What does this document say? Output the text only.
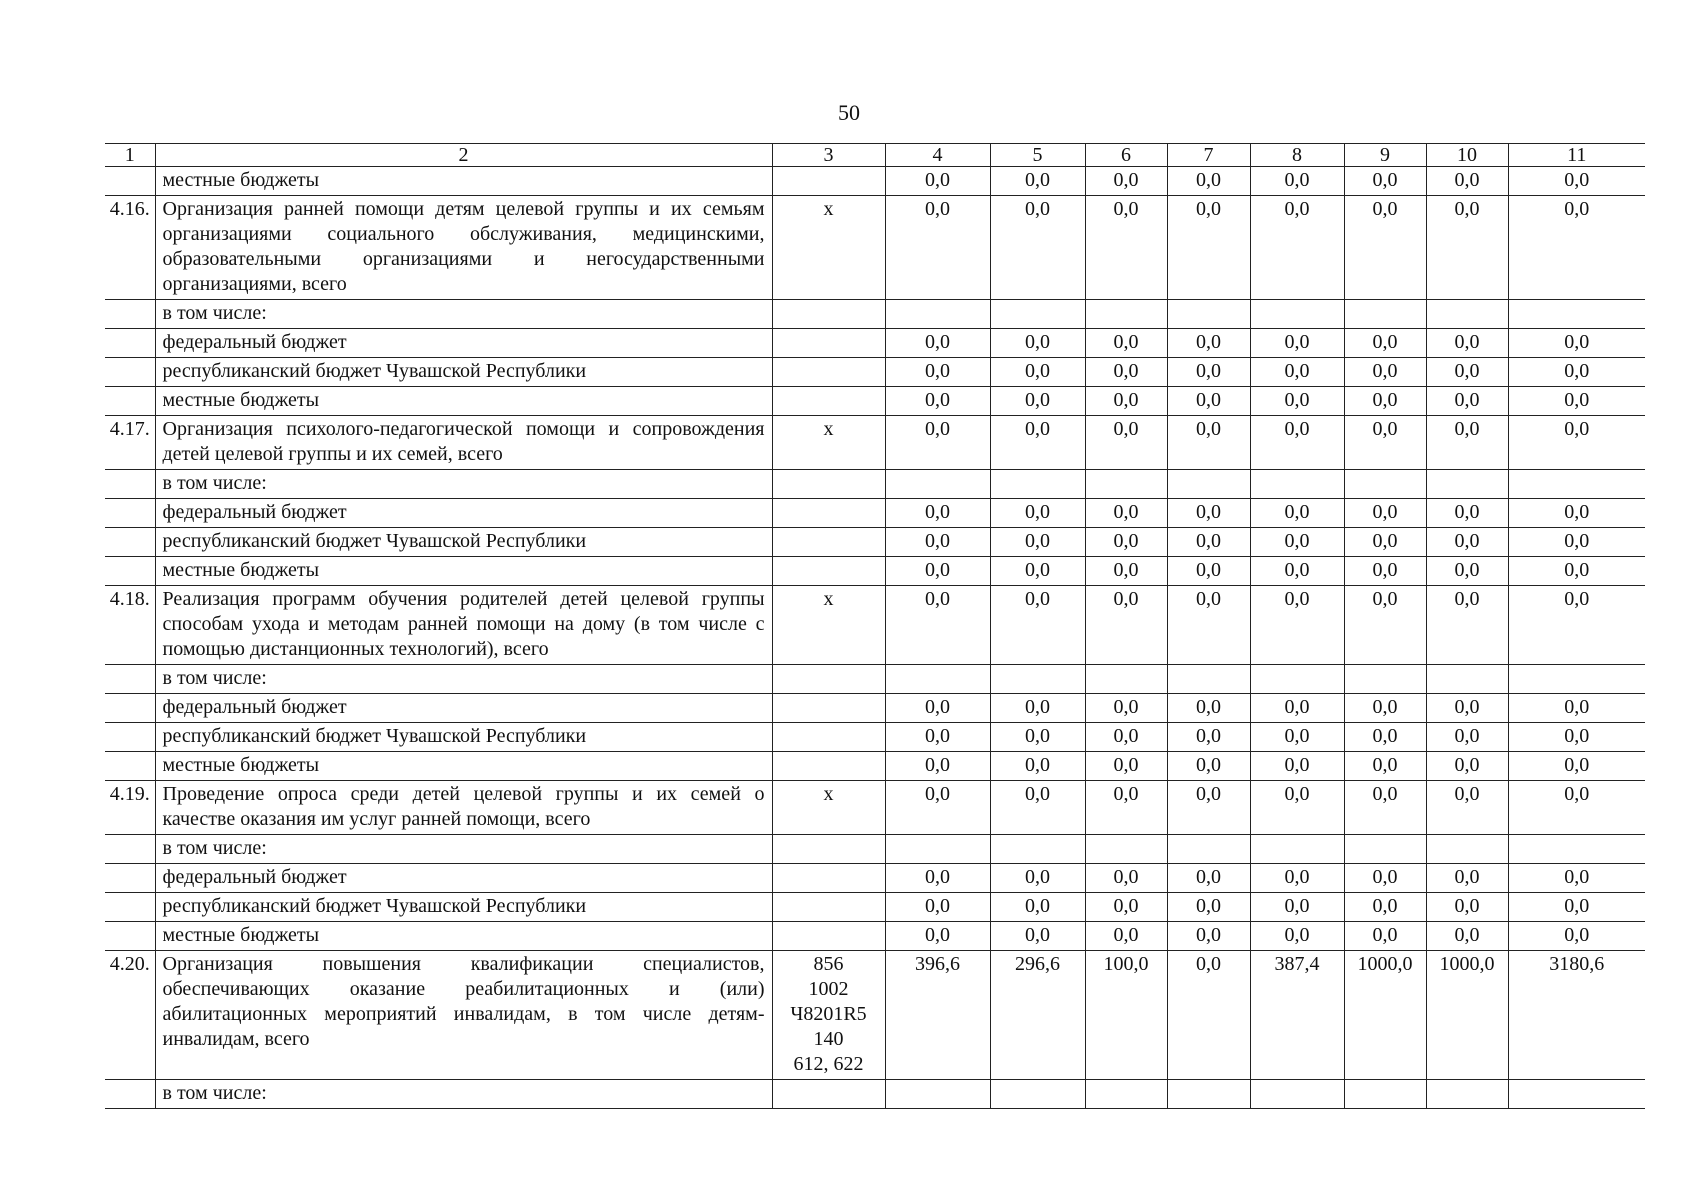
50
1	2	3	4	5	6	7	8	9	10	11
	местные бюджеты		0,0	0,0	0,0	0,0	0,0	0,0	0,0	0,0
4.16.	Организация ранней помощи детям целевой группы и их семьям организациями социального обслуживания, медицинскими, образовательными организациями и негосударственными организациями, всего	х	0,0	0,0	0,0	0,0	0,0	0,0	0,0	0,0
	в том числе:									
	федеральный бюджет		0,0	0,0	0,0	0,0	0,0	0,0	0,0	0,0
	республиканский бюджет Чувашской Республики		0,0	0,0	0,0	0,0	0,0	0,0	0,0	0,0
	местные бюджеты		0,0	0,0	0,0	0,0	0,0	0,0	0,0	0,0
4.17.	Организация психолого-педагогической помощи и сопровождения детей целевой группы и их семей, всего	х	0,0	0,0	0,0	0,0	0,0	0,0	0,0	0,0
	в том числе:									
	федеральный бюджет		0,0	0,0	0,0	0,0	0,0	0,0	0,0	0,0
	республиканский бюджет Чувашской Республики		0,0	0,0	0,0	0,0	0,0	0,0	0,0	0,0
	местные бюджеты		0,0	0,0	0,0	0,0	0,0	0,0	0,0	0,0
4.18.	Реализация программ обучения родителей детей целевой группы способам ухода и методам ранней помощи на дому (в том числе с помощью дистанционных технологий), всего	х	0,0	0,0	0,0	0,0	0,0	0,0	0,0	0,0
	в том числе:									
	федеральный бюджет		0,0	0,0	0,0	0,0	0,0	0,0	0,0	0,0
	республиканский бюджет Чувашской Республики		0,0	0,0	0,0	0,0	0,0	0,0	0,0	0,0
	местные бюджеты		0,0	0,0	0,0	0,0	0,0	0,0	0,0	0,0
4.19.	Проведение опроса среди детей целевой группы и их семей о качестве оказания им услуг ранней помощи, всего	х	0,0	0,0	0,0	0,0	0,0	0,0	0,0	0,0
	в том числе:									
	федеральный бюджет		0,0	0,0	0,0	0,0	0,0	0,0	0,0	0,0
	республиканский бюджет Чувашской Республики		0,0	0,0	0,0	0,0	0,0	0,0	0,0	0,0
	местные бюджеты		0,0	0,0	0,0	0,0	0,0	0,0	0,0	0,0
4.20.	Организация повышения квалификации специалистов, обеспечивающих оказание реабилитационных и (или) абилитационных мероприятий инвалидам, в том числе детям-инвалидам, всего	856
1002
Ч8201R5
140
612, 622	396,6	296,6	100,0	0,0	387,4	1000,0	1000,0	3180,6
	в том числе:									
